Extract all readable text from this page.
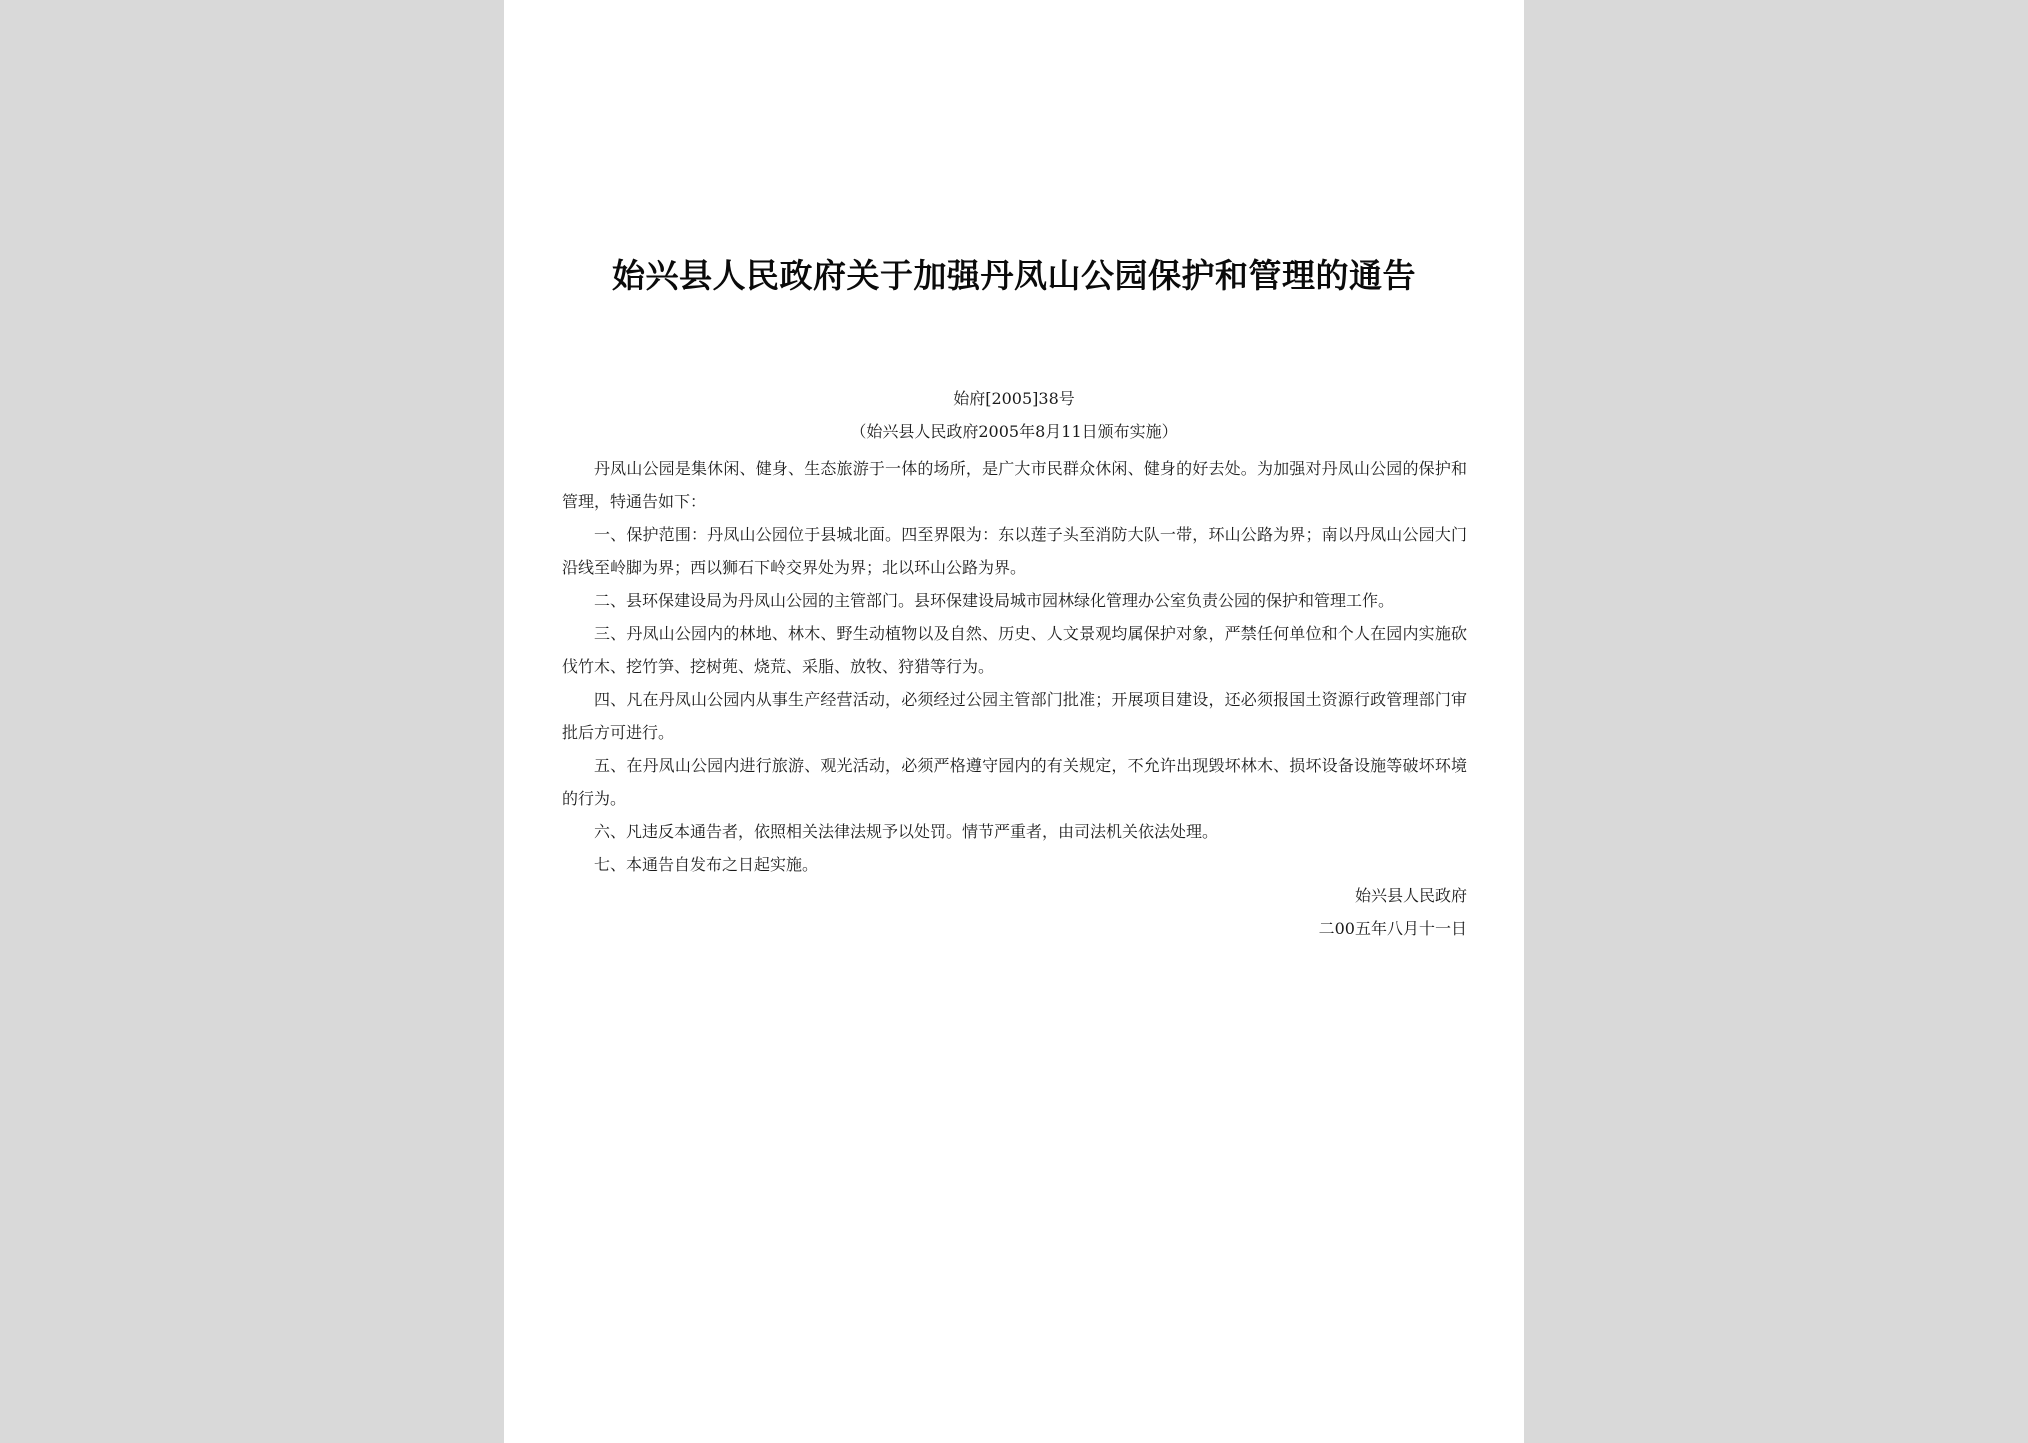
始兴县人民政府关于加强丹凤山公园保护和管理的通告
始府[2005]38号
（始兴县人民政府2005年8月11日颁布实施）

丹凤山公园是集休闲、健身、生态旅游于一体的场所，是广大市民群众休闲、健身的好去处。为加强对丹凤山公园的保护和管理，特通告如下：

一、保护范围：丹凤山公园位于县城北面。四至界限为：东以莲子头至消防大队一带，环山公路为界；南以丹凤山公园大门沿线至岭脚为界；西以狮石下岭交界处为界；北以环山公路为界。

二、县环保建设局为丹凤山公园的主管部门。县环保建设局城市园林绿化管理办公室负责公园的保护和管理工作。

三、丹凤山公园内的林地、林木、野生动植物以及自然、历史、人文景观均属保护对象，严禁任何单位和个人在园内实施砍伐竹木、挖竹笋、挖树蔸、烧荒、采脂、放牧、狩猎等行为。

四、凡在丹凤山公园内从事生产经营活动，必须经过公园主管部门批准；开展项目建设，还必须报国土资源行政管理部门审批后方可进行。

五、在丹凤山公园内进行旅游、观光活动，必须严格遵守园内的有关规定，不允许出现毁坏林木、损坏设备设施等破坏环境的行为。

六、凡违反本通告者，依照相关法律法规予以处罚。情节严重者，由司法机关依法处理。

七、本通告自发布之日起实施。

始兴县人民政府
二00五年八月十一日
